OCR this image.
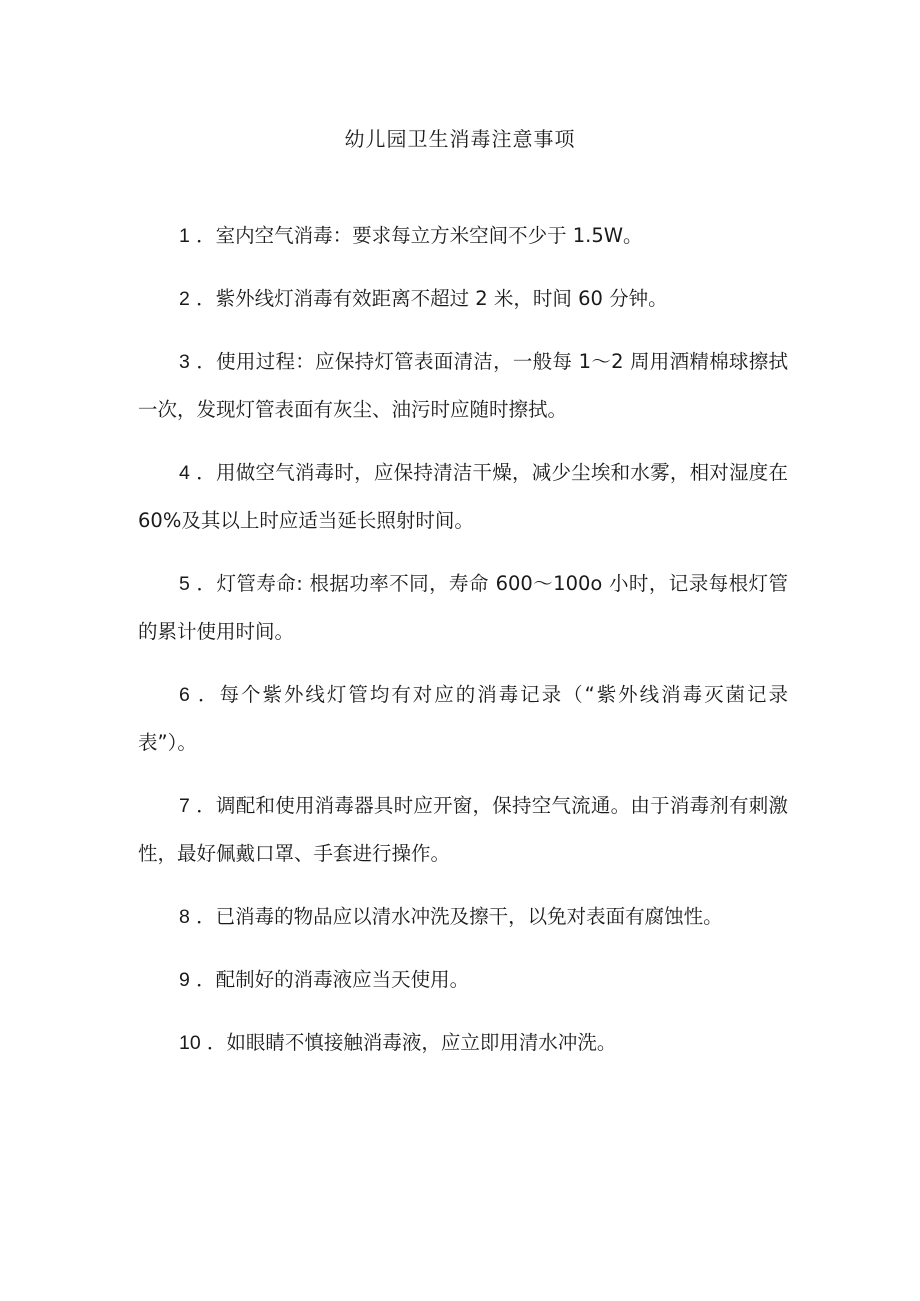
幼儿园卫生消毒注意事项

1 ．室内空气消毒：要求每立方米空间不少于 1.5W。

2 ．紫外线灯消毒有效距离不超过 2 米，时间 60 分钟。

3 ．使用过程：应保持灯管表面清洁，一般每 1～2 周用酒精棉球擦拭一次，发现灯管表面有灰尘、油污时应随时擦拭。

4 ．用做空气消毒时，应保持清洁干燥，减少尘埃和水雾，相对湿度在 60%及其以上时应适当延长照射时间。

5 ．灯管寿命: 根据功率不同，寿命 600～100o 小时，记录每根灯管的累计使用时间。

6 ．每个紫外线灯管均有对应的消毒记录（“紫外线消毒灭菌记录表”）。

7 ．调配和使用消毒器具时应开窗，保持空气流通。由于消毒剂有刺激性，最好佩戴口罩、手套进行操作。

8 ．已消毒的物品应以清水冲洗及擦干，以免对表面有腐蚀性。

9 ．配制好的消毒液应当天使用。

10 ．如眼睛不慎接触消毒液，应立即用清水冲洗。
